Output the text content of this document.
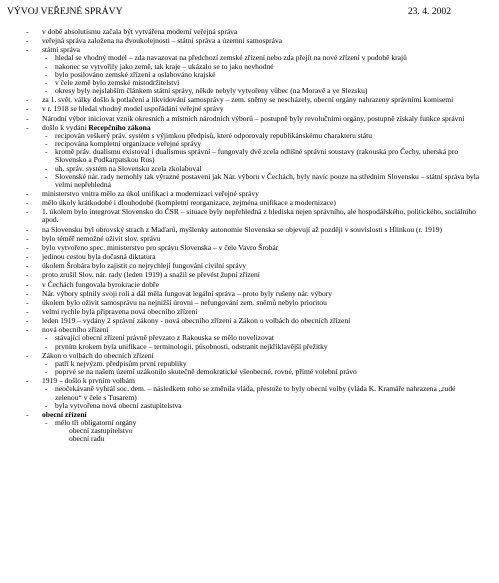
VÝVOJ VEŘEJNÉ SPRÁVY	23. 4. 2002
- v době absolutismu začala být vytvářena moderní veřejná správa
- veřejná správa založena na dvoukolejnosti – státní správa a územní samospráva
- státní správa
- hledal se vhodný model – zda navazovat na předchozí zemské zřízení nebo zda přejít na nové zřízení v podobě krajů
- nakonec se vytvořily jako země, tak kraje – ukázalo se to jako nevhodné
- bylo posilováno zemské zřízení a oslabováno krajské
- v čele země bylo zemské místodržitelství
- okresy byly nejslabším článkem státní správy, někde nebyly vytvořeny vůbec (na Moravě a ve Slezsku)
- za 1. svět. války došlo k potlačení a likvidování samosprávy – zem. sněmy se nescházely, obecní orgány nahrazeny správními komisemi
- v r. 1918 se hledal vhodný model uspořádání veřejné správy
- Národní výbor iniciovat vznik okresních a místních národních výborů – postupně byly revolučními orgány, postupně získaly funkce správní
- došlo k vydání Recepčního zákona
- recipován veškerý práv. systém s výjimkou předpisů, které odporovaly republikánskému charakteru státu
- recipována kompletní organizace veřejné správy
- kromě práv. dualismu existoval i dualismus správní – fungovaly dvě zcela odlišné správní soustavy (rakouská pro Čechy, uherská pro Slovensko a Podkarpatskou Rus)
- uh. správ. systém na Slovensku zcela zkolaboval
- Slovenské nár. rady nemohly tak výrazné postavení jak Nár. výboru v Čechách, byly navíc pouze na středním Slovensku – státní správa byla velmi nepřehledná
- ministerstvo vnitra mělo za úkol unifikaci a modernizaci veřejné správy
- mělo úkoly krátkodobé i dlouhodobé (kompletní reorganizace, zejména unifikace a modernizace)
- 1. úkolem bylo integrovat Slovensko do ČSR – situace byly nepřehledná z hlediska nejen správního, ale hospodářského, politického, sociálního apod.
- na Slovensku byl obrovský strach z Maďarů, myšlenky autonomie Slovenska se objevují až později v souvislosti s Hlinkou (r. 1919)
- bylo téměř nemožné oživit slov. správu
- bylo vytvořeno spec. ministerstvo pro správu Slovenska – v čele Vavro Šrobár
- jedinou cestou byla dočasná diktatura
- úkolem Šrobára bylo zajistit co nejrychlejí fungování civilní správy
- proto zrušil Slov. nár. rady (leden 1919) a snažil se převést župní zřízení
- v Čechách fungovala byrokracie dobře
- Nár. výbory splnily svoji roli a dál měla fungovat legální správa – proto byly rušeny nár. výbory
- úkolem bylo oživit samosprávu na nejnižší úrovni – nefungování zem. sněmů nebylo prioritou
- velmi rychle byla připravena nová obecního zřízení
- leden 1919 – vydány 2 správní zákony - nová obecního zřízení a Zákon o volbách do obecních zřízení
- nová obecního zřízení
- stávající obecní zřízení právně převzato z Rakouska se mělo novelizovat
- prvním krokem byla unifikace – terminologii, působnosti, odstranit nejkřiklavější přežitky
- Zákon o volbách do obecních zřízení
- patří k nejvýzm. předpisům první republiky
- poprvé se na našem území uzákonilo skutečně demokratické všeobecné, rovné, přímé volební právo
- 1919 – došlo k prvním volbám
- neočekávaně vyhrál soc. dem. – následkem toho se změnila vláda, přestože to byly obecní volby (vláda K. Kramáře nahrazena „rudé zelenou“ v čele s Tusarem)
- byla vytvořena nová obecní zastupitelstva
- obecní zřízení
- mělo tři obligatorní orgány
obecní zastupitelstvo
obecní radu
